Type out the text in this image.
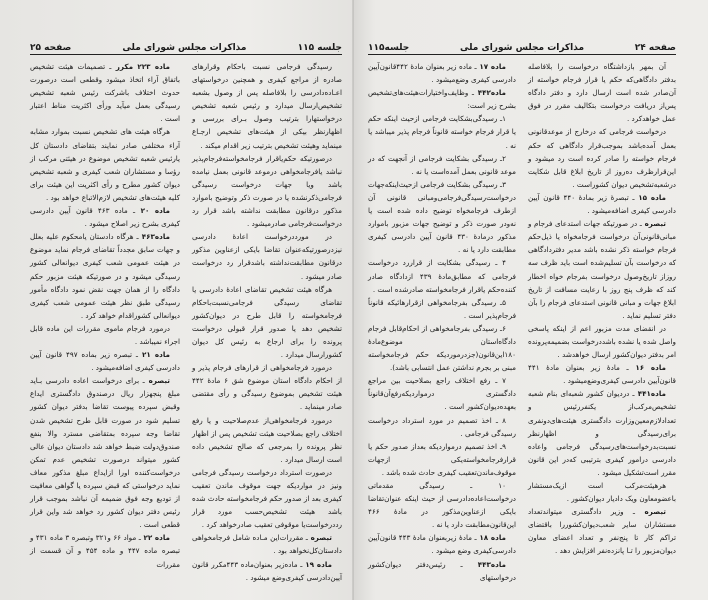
جلسه ۱۱۵
مذاکرات مجلس شورای ملی
صفحه ۲۵

رسیدگی فرجامی نسبت باحکام وقرارهای صادره از مراجع کیفری و همچنین درخواستهای اعـاده‌دادرسی را بلافاصله پس از وصول بشعبه تشخیص‌ارسال میدارد و رئیس شعبه تشخیص درخواستهارا بترتیب وصول بـرای بررسی و اظهارنظر بیکی از هیئت‌های تشخیص ارجـاع مینماید وهیئت تشخیص بترتیب زیر اقدام میکند .

درصورتیکه حکم‌یاقرار فرجامخواسته‌فرجام‌پذیر نباشد یافرجامخواهی درموعد قانونی بعمل نیامده باشد ویا جهات درخواست رسیدگی فرجامی‌ذکرنشده یا در صورت ذکر وتوضیح باموارد مذکور درقانون مطابقت نداشته باشد قرار رد درخواست‌فرجامی صادرمیشود .

در مورددرخواست اعادهٔ دادرسی نیزدرصورتیکه‌عنوان تقاضا بایکی ازعناوین مذکور درقانون مطابقت‌نداشته باشدقرار رد درخواست صادر میشود .

هرگاه هیئت تشخیص تقاضای اعادهٔ دادرسی یا تقاضای رسیدگی فرجامی‌نسبت‌باحکام فرجامخواسته را قابل طرح در دیوان‌کشور تشخیص دهد یا صدور قرار قبولی درخواست پرونده را برای ارجاع به رئیس کل دیوان کشورارسال میدارد .

درمورد فرجامخواهی از قرارهای فرجام پذیر و از احکام دادگاه استان موضوع شق ۶ مادهٔ ۴۴۲ هیئت تشخیص بموضوع رسیدگی و رأی مقتضی صادر مینماید .

درمورد فرجامخواهی‌از عدم‌صلاحیت و یا رفع اختلاف راجع بصلاحیت هیئت تشخیص پس از اظهار نظر پرونده را بمرجعی که صالح تشخیص داده است ارسال میدارد .

درصورت استرداد درخواست رسیدگی فرجامی ونیز در مواردیکه جهت موقوف ماندن تعقیب کیفری بعد از صدور حکم فرجامخواسته حادث شده باشد هیئت تشخیص‌حسب مورد قرار رددرخواست‌یا موقوفی تعقیب صادرخواهد کرد .

تبصره ـ مقررات‌این مـاده شامل فرجامخواهی دادستان‌کل‌نخواهد بود .

ماده ۱۹ ـ ماده‌زیر بعنوان‌ماده ۴۴۳مکرر قانون آیین‌دادرسی کیفری‌وضع میشود .

ماده ۲۲۳ مکرر ـ تصمیمات هیئت تشخیص باتفاق آراء اتخاذ میشود وقطعی است درصورت حدوث اختلاف باشرکت رئیس شعبه تشخیص رسیدگی بعمل میآید ورأی اکثریت مناط اعتبار است .

هرگاه هیئت های تشخیص نسبت بموارد مشابه آراء مختلفی صادر نمایند بتقاضای دادستان کل یارئیس شعبه تشخیص موضوع در هیئتی مرکب از رؤسا و مستشاران شعب کیفری و شعبه تشخیص دیوان کشور مطرح و رأی اکثریت این هیئت برای کلیه هیئت‌های تشخیص لازم‌الاتباع خواهد بود .

ماده ۲۰ ـ ماده ۴۶۳ قانون آیین دادرسی کیفری بشرح زیر اصلاح میشود .

ماده۴۶۳ ـ هرگاه دادستان یامحکوم علیه بعلل و جهات سابق مجدداً تقاضای فرجام نماید موضوع در هیئت عمومی شعب کیفری دیوانعالی کشور رسیدگی میشود و در صورتیکه هیئت مزبور حکم دادگاه را از همان جهت نقض نمود دادگاه مأمور رسیدگی طبق نظر هیئت عمومی شعب کیفری دیوانعالی کشوراقدام خواهد کرد .

درمورد فرجام ماموی مقررات این ماده قابل اجراء نمیباشد .

ماده ۲۱ ـ تبصره زیر بماده ۴۹۷ قانون آیین دادرسی کیفری اضافه‌میشود .

تبصره ـ برای درخواست اعاده دادرسی بـاید مبلغ پنجهزار ریال درصندوق دادگستری ایداع وقبض سپرده پیوست تقاضا بدفتر دیوان کشور تسلیم شود در صورت قابل طرح تشخیص شدن تقاضا وجه سپرده بمتقاضی مسترد والا بنفع صندوق‌دولت ضبط خواهد شد دادستان دیوان عالی کشور میتواند درصورت تشخیص عدم تمکن درخواست‌کننده اورا ازایداع مبلغ مذکور معاف نماید درخواستی که قبض سپرده یا گواهی معافیت از تودیع وجه فوق ضمیمه آن نباشد بموجب قرار رئیس دفتر دیوان کشور رد خواهد شد واین قرار قطعی است .

ماده ۲۲ ـ مواد ۶۶ و۳۲۱ وتبصره ۳ ماده ۴۳۱ و تبصره ماده ۴۴۷ و ماده ۴۵۴ و آن قسمت از مقررات

صفحه ۲۴
مذاکرات مجلس شورای ملی
جلسه۱۱۵

آن بمهر بازداشتگاه درخواست را بلافاصله بدفتر دادگاهی‌که حکم یا قرار فرجام خواسته از آن‌صادر شده است ارسال دارد و دفتر دادگاه پس‌از دریافت درخواست بتکالیف مقرر در فوق عمل خواهدکرد .

درخواست فرجامی که درخارج از موعدقانونی بعمل آمده‌باشد بموجب‌قرار دادگاهی که حکم فرجام خواسته را صادر کرده است رد میشود و این‌قرارظرف ده‌روز از تاریخ ابلاغ قابل شکایت درشعبه‌تشخیص دیوان کشوراست .

ماده ۱۵ ـ تبصرهٔ زیر بمادهٔ ۴۴۰ قانون آیین دادرسی کیفری اضافه‌میشود .

تبصره ـ در صورتیکه جهات استدعای فرجام و مبانی‌قانونی‌آن درخواست فرجامخواه یا ذیل‌حکم فرجام خواسته ذکر نشده باشد مدیر دفتردادگاهی که درخواست بآن تسلیم‌شده است باید ظرف سه روزاز تاریخ‌وصول درخواست بفرجام خواه اخطار کند که ظرف پنج روز با رعایت مسافت از تاریخ ابلاغ جهات و مبانی قانونی استدعای فرجام را بآن دفتر تسلیم نماید .

در انقضای مدت مزبور اعم از اینکه پاسخی واصل شده یا نشده باشددرخواست بضمیمه‌پرونده امر بدفتر دیوان‌کشور ارسال خواهدشد .

ماده ۱۶ ـ مادهٔ زیر بعنوان مادهٔ ۴۴۱ قانون‌آیین دادرسی کیفری‌وضع‌میشود .

ماده۴۴۱ ـ دردیوان کشور شعبه‌ای بنام شعبه تشخیص‌مرکب‌از یکنفررئیس و تعدادلازم‌معین‌وزارت دادگستری هیئت‌های‌دونفری برای‌رسیدگی و اظهارنظر نسبت‌بدرخواست‌های‌رسیدگی فرجامی واعاده دادرسی درامور کیفری بترتیبی که‌در این قانون مقرر است‌تشکیل میشود .

هرهیئت‌مرکب است ازیک‌مستشار باعضومعاون ویک دادیار دیوان‌کشور .

تبصره ـ وزیر دادگستری میتواندتعداد مستشاران سایر شعب‌دیوان‌کشوررا باقتضای تراکم کار تا پنج‌نفر و تعداد اعضای معاون دیوان‌مزبور را تـا پانزده‌نفر افزایش دهد .

ماده ۱۷ ـ ماده زیر بعنوان مادهٔ ۴۴۲قانون‌آیین دادرسی کیفری وضع‌میشود .

ماده۴۴۲ ـ وظایف‌واختیارات‌هیئت‌های‌تشخیص بشرح زیر است:

۱ـ رسیدگی‌بشکایت فرجامی ازحیث اینکه حکم یا قرار فرجام خواسته قانوناً فرجام پذیر میباشد یا نه .

۲ـ رسیدگی بشکایت فرجامی از آنجهت که در موعد قانونی بعمل آمده‌است یا نه .

۳ـ رسیدگی بشکایت فرجامی ازحیث‌اینکه‌جهات درخواست‌رسیدگی‌فرجامی‌ومبانی قانونی آن ازطرف فرجامخواه توضیح داده شده است یا نه‌ودر صورت ذکر و توضیح جهات مزبور باموارد مذکور درمادهٔ ۴۳۰ قانون آیین دادرسی کیفری مطابقت دارد یا نه .

۴ ـ رسیدگی بشکایت از قراررد درخواست فرجامی که مطابق‌مادهٔ ۴۳۹ ازدادگاه صادر کننده‌حکم یاقرار فرجامخواسته صادرشده است .

۵ـ رسیدگی بفرجامخواهی ازقرارهائیکه قانوناً فرجام‌پذیر است .

۶ـ رسیدگی بفرجامخواهی از احکام‌قابل فرجام دادگاه‌استان موضوع‌مادهٔ ۱۸۰این‌قانون(جزدرموردیکه حکم فرجامخواسته مبنی بر بجرم نداشتن عمل انتسابی باشد).

۷ ـ رفع اختلاف راجع بصلاحیت بین مراجع دادگستری درمواردیکه‌رفع‌آن‌قانوناً بعهده‌دیوان‌کشور است .

۸ ـ اخذ تصمیم در مورد استرداد درخواست رسیدگی فرجامی .

۹ـ اخذ تصمیم درمواردیکه بعداز صدور حکم یا قرارفرجامخواسته‌یکی ازجهات موقوف‌ماندن‌تعقیب کیفری حادث شده باشد .

۱۰ ـ رسیدگی مقدماتی درخواست‌اعاده‌دادرسی از حیث اینکه عنوان‌تقاضا بایکی ازعناوین‌مذکور در مادهٔ ۴۶۶ این‌قانون‌مطابقت دارد یا نه .

ماده ۱۸ ـ مادهٔ زیربعنوان مادهٔ ۴۴۳ قانون‌آیین دادرسی‌کیفری وضع میشود .

ماده۴۴۳ ـ رئیس‌دفتر دیوان‌کشور درخواستهای
